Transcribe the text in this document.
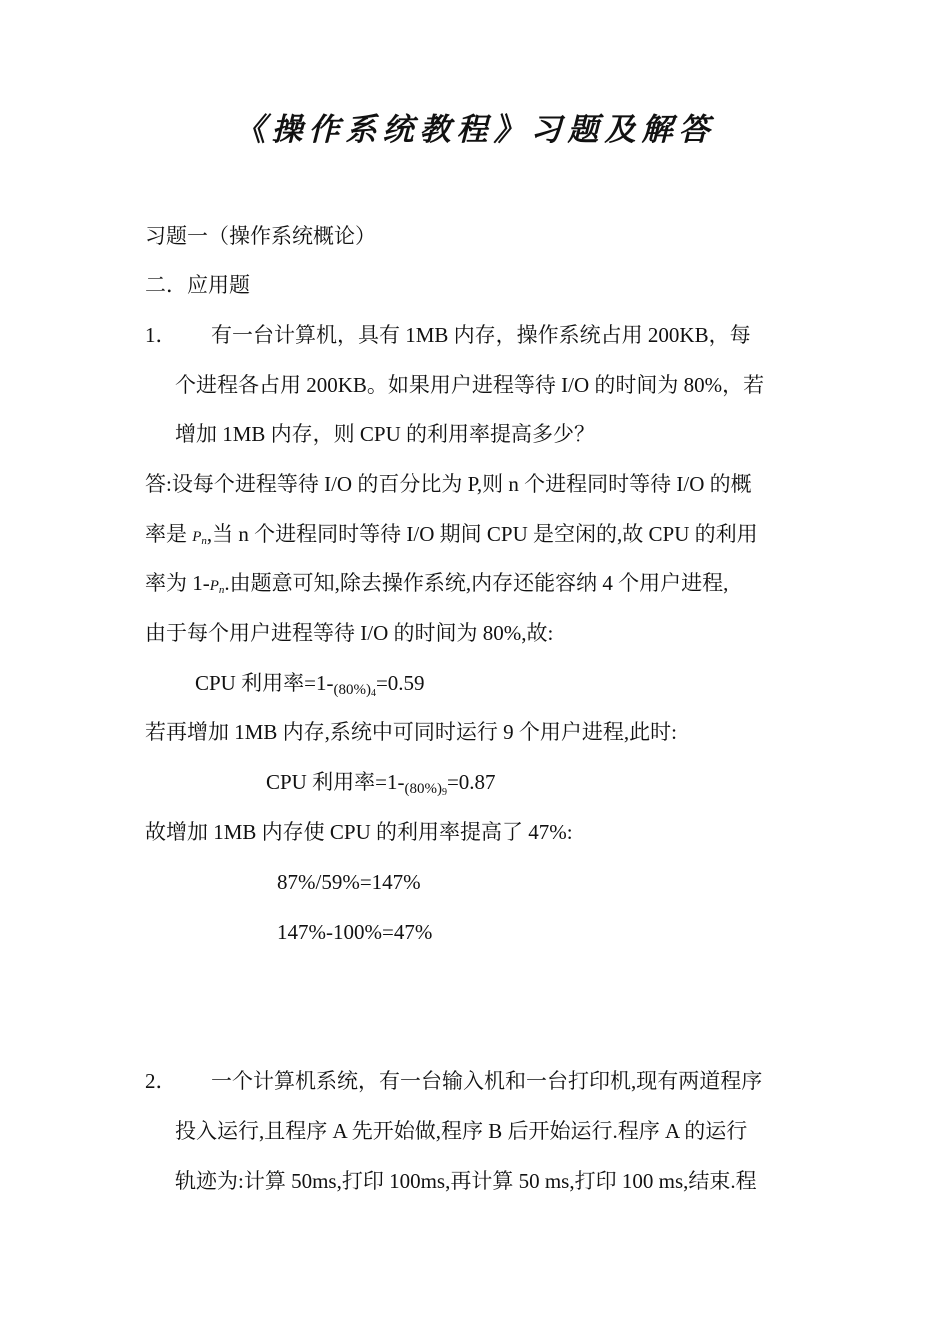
《操作系统教程》习题及解答
习题一（操作系统概论）
二．应用题
1． 有一台计算机，具有 1MB 内存，操作系统占用 200KB，每
个进程各占用 200KB。如果用户进程等待 I/O 的时间为 80%，若
增加 1MB 内存，则 CPU 的利用率提高多少？
答:设每个进程等待 I/O 的百分比为 P,则 n 个进程同时等待 I/O 的概
率是 $P_n$,当 n 个进程同时等待 I/O 期间 CPU 是空闲的,故 CPU 的利用
率为 $1-P_n$.由题意可知,除去操作系统,内存还能容纳 4 个用户进程,
由于每个用户进程等待 I/O 的时间为 80%,故:
CPU 利用率$=1-(80\%)_4=0.59$
若再增加 1MB 内存,系统中可同时运行 9 个用户进程,此时:
CPU 利用率$=1-(80\%)_9=0.87$
故增加 1MB 内存使 CPU 的利用率提高了 47%:
87%/59%=147%
147%-100%=47%
2． 一个计算机系统，有一台输入机和一台打印机,现有两道程序
投入运行,且程序 A 先开始做,程序 B 后开始运行.程序 A 的运行
轨迹为:计算 50ms,打印 100ms,再计算 50 ms,打印 100 ms,结束.程
